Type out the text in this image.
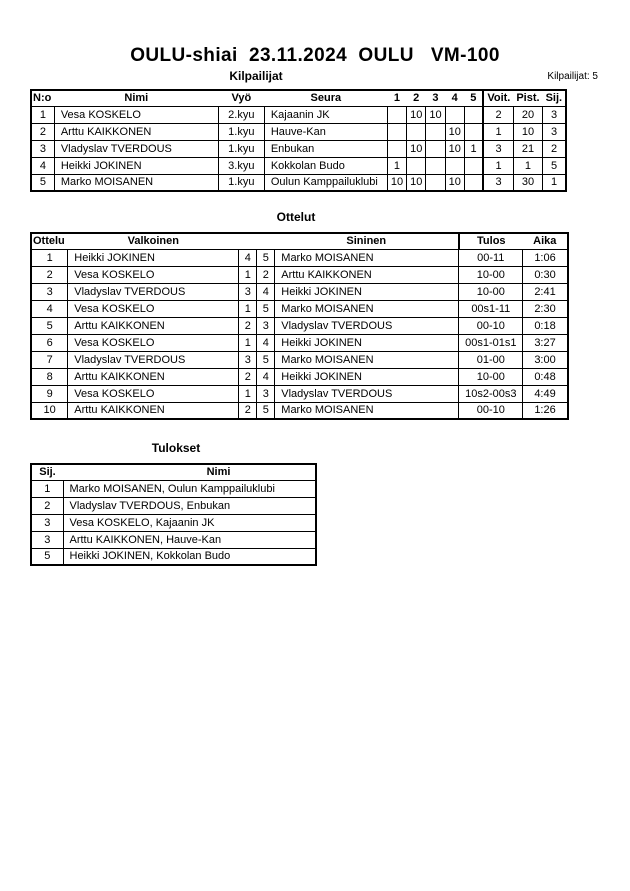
OULU-shiai  23.11.2024  OULU   VM-100
Kilpailijat	Kilpailijat: 5
N:o	Nimi	Vyö	Seura	1	2	3	4	5	Voit.	Pist.	Sij.
1	Vesa KOSKELO	2.kyu	Kajaanin JK		10	10			2	20	3
2	Arttu KAIKKONEN	1.kyu	Hauve-Kan				10		1	10	3
3	Vladyslav TVERDOUS	1.kyu	Enbukan		10		10	1	3	21	2
4	Heikki JOKINEN	3.kyu	Kokkolan Budo	1					1	1	5
5	Marko MOISANEN	1.kyu	Oulun Kamppailuklubi	10	10		10		3	30	1
Ottelut
Ottelu	Valkoinen			Sininen	Tulos	Aika
1	Heikki JOKINEN	4	5	Marko MOISANEN	00-11	1:06
2	Vesa KOSKELO	1	2	Arttu KAIKKONEN	10-00	0:30
3	Vladyslav TVERDOUS	3	4	Heikki JOKINEN	10-00	2:41
4	Vesa KOSKELO	1	5	Marko MOISANEN	00s1-11	2:30
5	Arttu KAIKKONEN	2	3	Vladyslav TVERDOUS	00-10	0:18
6	Vesa KOSKELO	1	4	Heikki JOKINEN	00s1-01s1	3:27
7	Vladyslav TVERDOUS	3	5	Marko MOISANEN	01-00	3:00
8	Arttu KAIKKONEN	2	4	Heikki JOKINEN	10-00	0:48
9	Vesa KOSKELO	1	3	Vladyslav TVERDOUS	10s2-00s3	4:49
10	Arttu KAIKKONEN	2	5	Marko MOISANEN	00-10	1:26
Tulokset
Sij.	Nimi
1	Marko MOISANEN, Oulun Kamppailuklubi
2	Vladyslav TVERDOUS, Enbukan
3	Vesa KOSKELO, Kajaanin JK
3	Arttu KAIKKONEN, Hauve-Kan
5	Heikki JOKINEN, Kokkolan Budo
